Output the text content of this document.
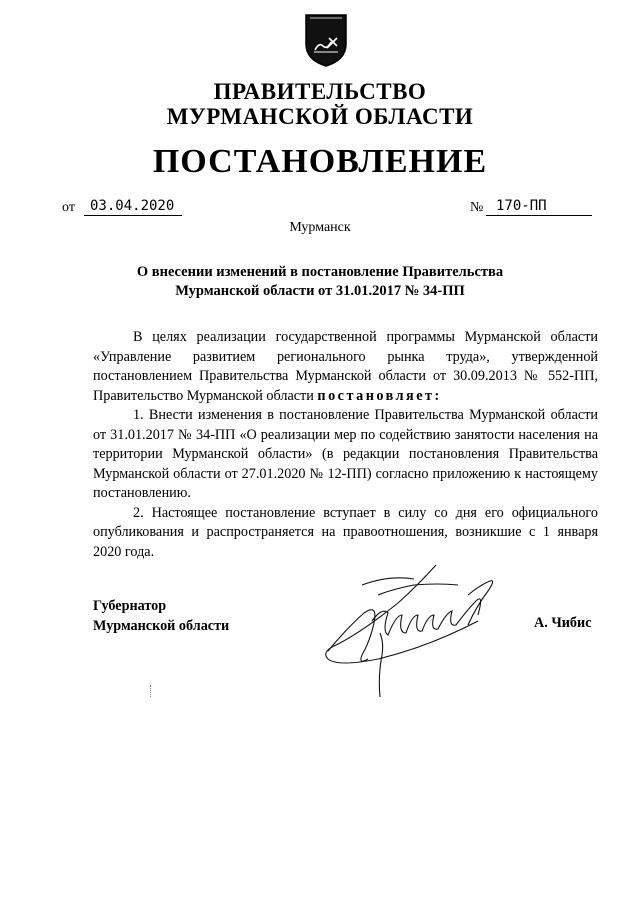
ПРАВИТЕЛЬСТВО
МУРМАНСКОЙ ОБЛАСТИ
ПОСТАНОВЛЕНИЕ
от	03.04.2020	№ 170-ПП
Мурманск
О внесении изменений в постановление Правительства
Мурманской области от 31.01.2017 № 34-ПП

В целях реализации государственной программы Мурманской области «Управление развитием регионального рынка труда», утвержденной постановлением Правительства Мурманской области от 30.09.2013 № 552-ПП, Правительство Мурманской области постановляет:

1. Внести изменения в постановление Правительства Мурманской области от 31.01.2017 № 34-ПП «О реализации мер по содействию занятости населения на территории Мурманской области» (в редакции постановления Правительства Мурманской области от 27.01.2020 № 12-ПП) согласно приложению к настоящему постановлению.

2. Настоящее постановление вступает в силу со дня его официального опубликования и распространяется на правоотношения, возникшие с 1 января 2020 года.

Губернатор
Мурманской области	А. Чибис
